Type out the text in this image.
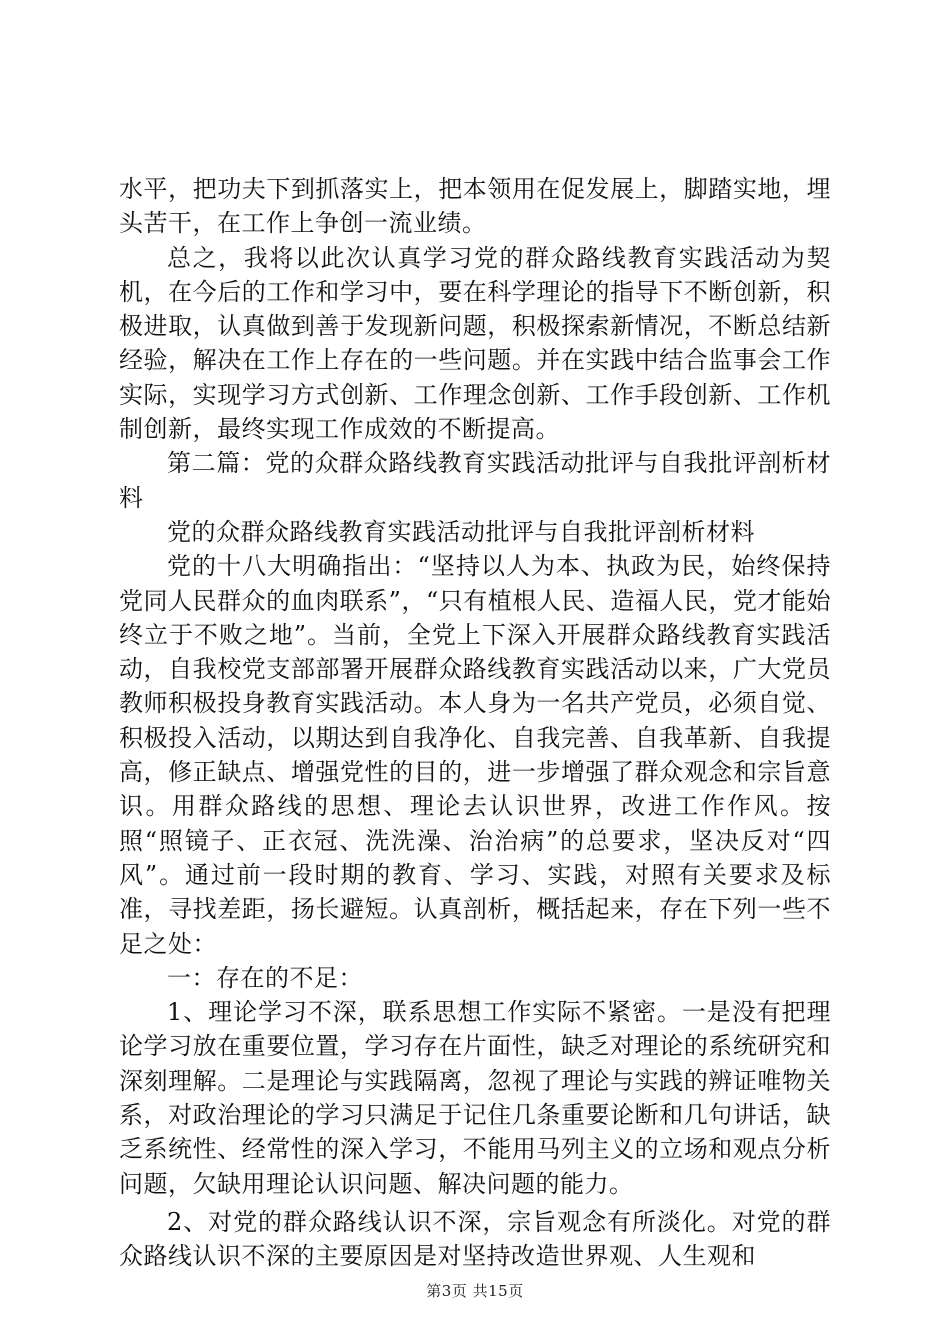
水平，把功夫下到抓落实上，把本领用在促发展上，脚踏实地，埋头苦干，在工作上争创一流业绩。

总之，我将以此次认真学习党的群众路线教育实践活动为契机，在今后的工作和学习中，要在科学理论的指导下不断创新，积极进取，认真做到善于发现新问题，积极探索新情况，不断总结新经验，解决在工作上存在的一些问题。并在实践中结合监事会工作实际，实现学习方式创新、工作理念创新、工作手段创新、工作机制创新，最终实现工作成效的不断提高。

第二篇：党的众群众路线教育实践活动批评与自我批评剖析材料

党的众群众路线教育实践活动批评与自我批评剖析材料

党的十八大明确指出：“坚持以人为本、执政为民，始终保持党同人民群众的血肉联系”，“只有植根人民、造福人民，党才能始终立于不败之地”。当前，全党上下深入开展群众路线教育实践活动，自我校党支部部署开展群众路线教育实践活动以来，广大党员教师积极投身教育实践活动。本人身为一名共产党员，必须自觉、积极投入活动，以期达到自我净化、自我完善、自我革新、自我提高，修正缺点、增强党性的目的，进一步增强了群众观念和宗旨意识。用群众路线的思想、理论去认识世界，改进工作作风。按照“照镜子、正衣冠、洗洗澡、治治病”的总要求，坚决反对“四风”。通过前一段时期的教育、学习、实践，对照有关要求及标准，寻找差距，扬长避短。认真剖析，概括起来，存在下列一些不足之处：

一：存在的不足：

1、理论学习不深，联系思想工作实际不紧密。一是没有把理论学习放在重要位置，学习存在片面性，缺乏对理论的系统研究和深刻理解。二是理论与实践隔离，忽视了理论与实践的辨证唯物关系，对政治理论的学习只满足于记住几条重要论断和几句讲话，缺乏系统性、经常性的深入学习，不能用马列主义的立场和观点分析问题，欠缺用理论认识问题、解决问题的能力。

2、对党的群众路线认识不深，宗旨观念有所淡化。对党的群众路线认识不深的主要原因是对坚持改造世界观、人生观和

第3页 共15页
